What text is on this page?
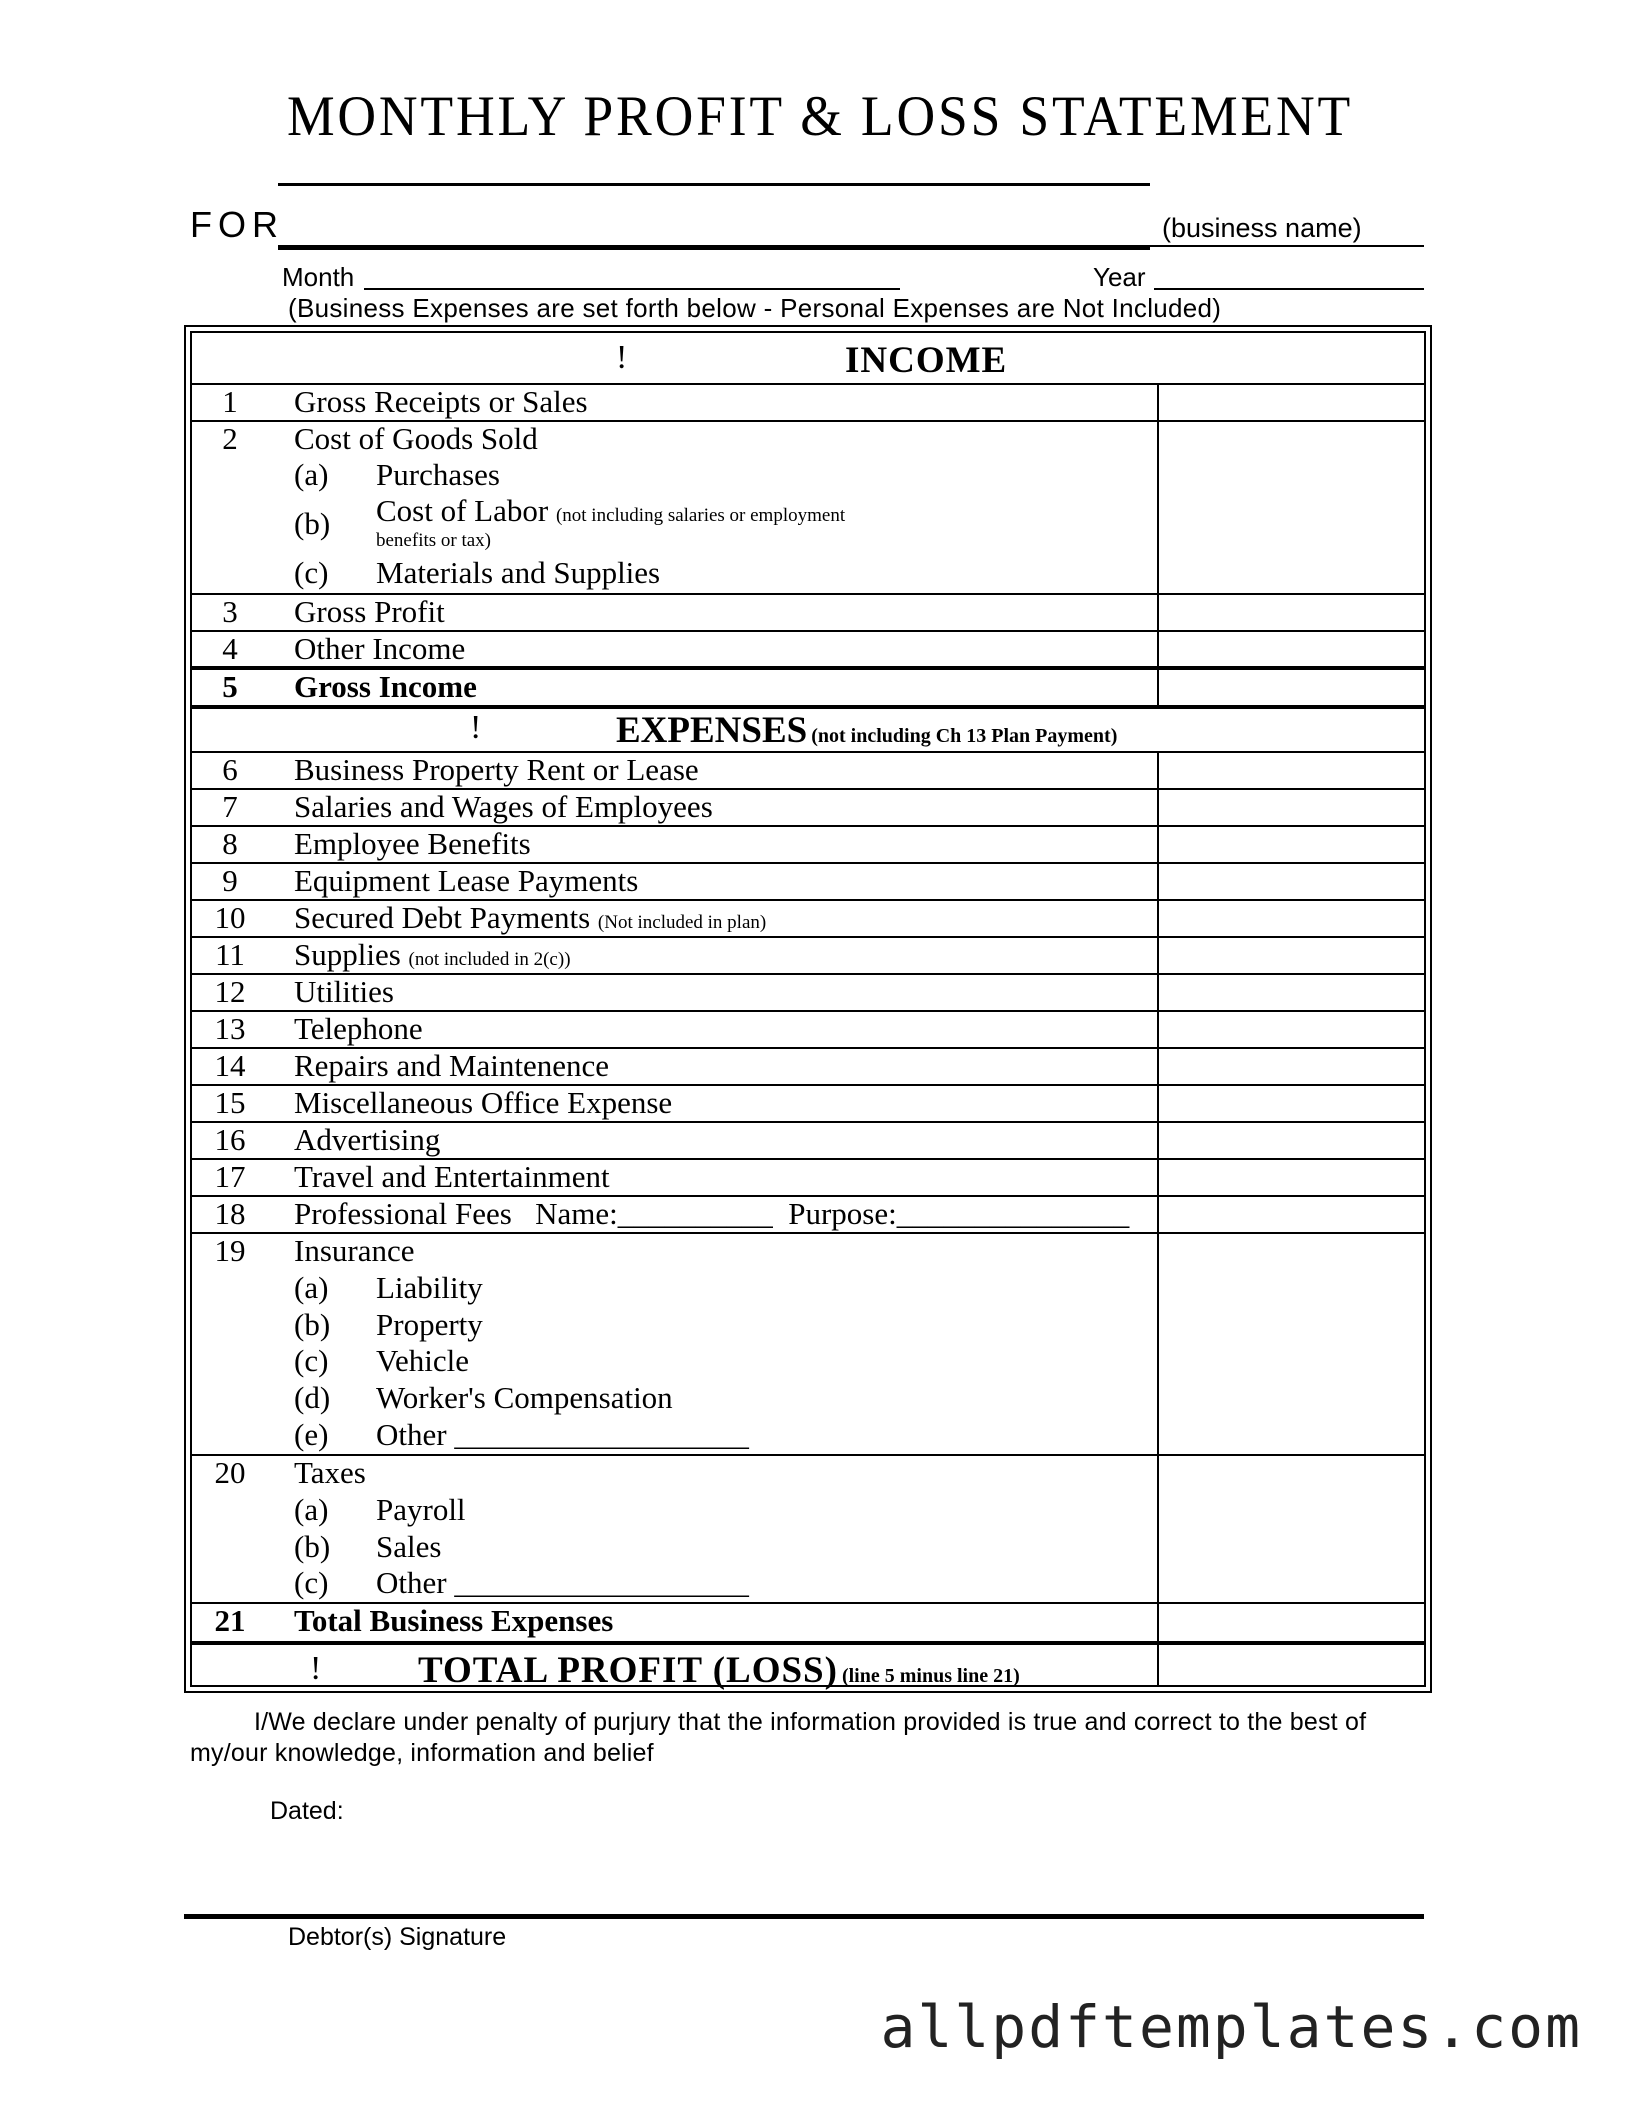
MONTHLY PROFIT & LOSS STATEMENT
FOR	(business name)
Month	Year
(Business Expenses are set forth below - Personal Expenses are Not Included)
!	INCOME
1	Gross Receipts or Sales
2	Cost of Goods Sold
(a) Purchases
(b) Cost of Labor (not including salaries or employment
benefits or tax)
(c) Materials and Supplies
3	Gross Profit
4	Other Income
5	Gross Income
!	EXPENSES (not including Ch 13 Plan Payment)
6	Business Property Rent or Lease
7	Salaries and Wages of Employees
8	Employee Benefits
9	Equipment Lease Payments
10	Secured Debt Payments (Not included in plan)
11	Supplies (not included in 2(c))
12	Utilities
13	Telephone
14	Repairs and Maintenence
15	Miscellaneous Office Expense
16	Advertising
17	Travel and Entertainment
18	Professional Fees   Name:__________  Purpose:_______________
19	Insurance
(a) Liability
(b) Property
(c) Vehicle
(d) Worker's Compensation
(e) Other ___________________
20	Taxes
(a) Payroll
(b) Sales
(c) Other ___________________
21	Total Business Expenses
!	TOTAL PROFIT (LOSS) (line 5 minus line 21)
I/We declare under penalty of purjury that the information provided is true and correct to the best of my/our knowledge, information and belief
Dated:
Debtor(s) Signature
allpdftemplates.com
